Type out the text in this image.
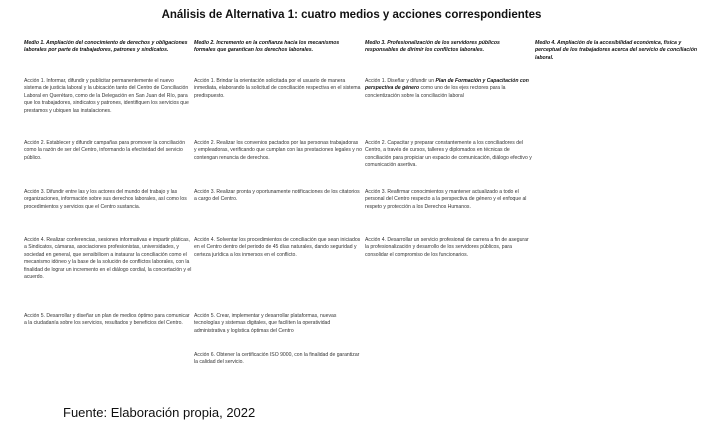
Análisis de Alternativa 1: cuatro medios y acciones correspondientes
Medio 1. Ampliación del conocimiento de derechos y obligaciones laborales por parte de trabajadores, patrones y sindicatos.
Acción 1. Informar, difundir y publicitar permanentemente el nuevo sistema de justicia laboral y la ubicación tanto del Centro de Conciliación Laboral en Querétaro, como de la Delegación en San Juan del Río, para que los trabajadores, sindicatos y patrones, identifiquen los servicios que prestamos y ubiquen las instalaciones.
Acción 2. Establecer y difundir campañas para promover la conciliación como la razón de ser del Centro, informando la efectividad del servicio público.
Acción 3. Difundir entre las y los actores del mundo del trabajo y las organizaciones, información sobre sus derechos laborales, así como los procedimientos y servicios que el Centro sustancia.
Acción 4. Realizar conferencias, sesiones informativas e impartir pláticas, a Sindicatos, cámaras, asociaciones profesionistas, universidades, y sociedad en general, que sensibilicen a instaurar la conciliación como el mecanismo idóneo y la base de la solución de conflictos laborales, con la finalidad de lograr un incremento en el diálogo cordial, la concertación y el acuerdo.
Acción 5. Desarrollar y diseñar un plan de medios óptimo para comunicar a la ciudadanía sobre los servicios, resultados y beneficios del Centro.
Medio 2. Incremento en la confianza hacia los mecanismos formales que garantican los derechos laborales.
Acción 1. Brindar la orientación solicitada por el usuario de manera inmediata, elaborando la solicitud de conciliación respectiva en el sistema predispuesto.
Acción 2. Realizar los convenios pactados por las personas trabajadoras y empleadoras, verificando que cumplan con las prestaciones legales y no contengan renuncia de derechos.
Acción 3. Realizar pronta y oportunamente notificaciones de los citatorios a cargo del Centro.
Acción 4. Solventar los procedimientos de conciliación que sean iniciados en el Centro dentro del periodo de 45 días naturales, dando seguridad y certeza jurídica a los inmersos en el conflicto.
Acción 5. Crear, implementar y desarrollar plataformas, nuevas tecnologías y sistemas digitales, que faciliten la operatividad administrativa y logística óptimas del Centro
Acción 6. Obtener la certificación ISO 9000, con la finalidad de garantizar la calidad del servicio.
Medio 3. Profesionalización de los servidores públicos responsables de dirimir los conflictos laborales.
Acción 1. Diseñar y difundir un Plan de Formación y Capacitación con perspectiva de género como uno de los ejes rectores para la concientización sobre la conciliación laboral
Acción 2. Capacitar y preparar constantemente a los conciliadores del Centro, a través de cursos, talleres y diplomados en técnicas de conciliación para propiciar un espacio de comunicación, diálogo efectivo y comunicación asertiva.
Acción 3. Reafirmar conocimientos y mantener actualizado a todo el personal del Centro respecto a la perspectiva de género y el enfoque al respeto y protección a los Derechos Humanos.
Acción 4. Desarrollar un servicio profesional de carrera a fin de asegurar la profesionalización y desarrollo de los servidores públicos, para consolidar el compromiso de los funcionarios.
Medio 4. Ampliación de la accesibilidad económica, física y perceptual de los trabajadores acerca del servicio de conciliación laboral.
Fuente: Elaboración propia, 2022
